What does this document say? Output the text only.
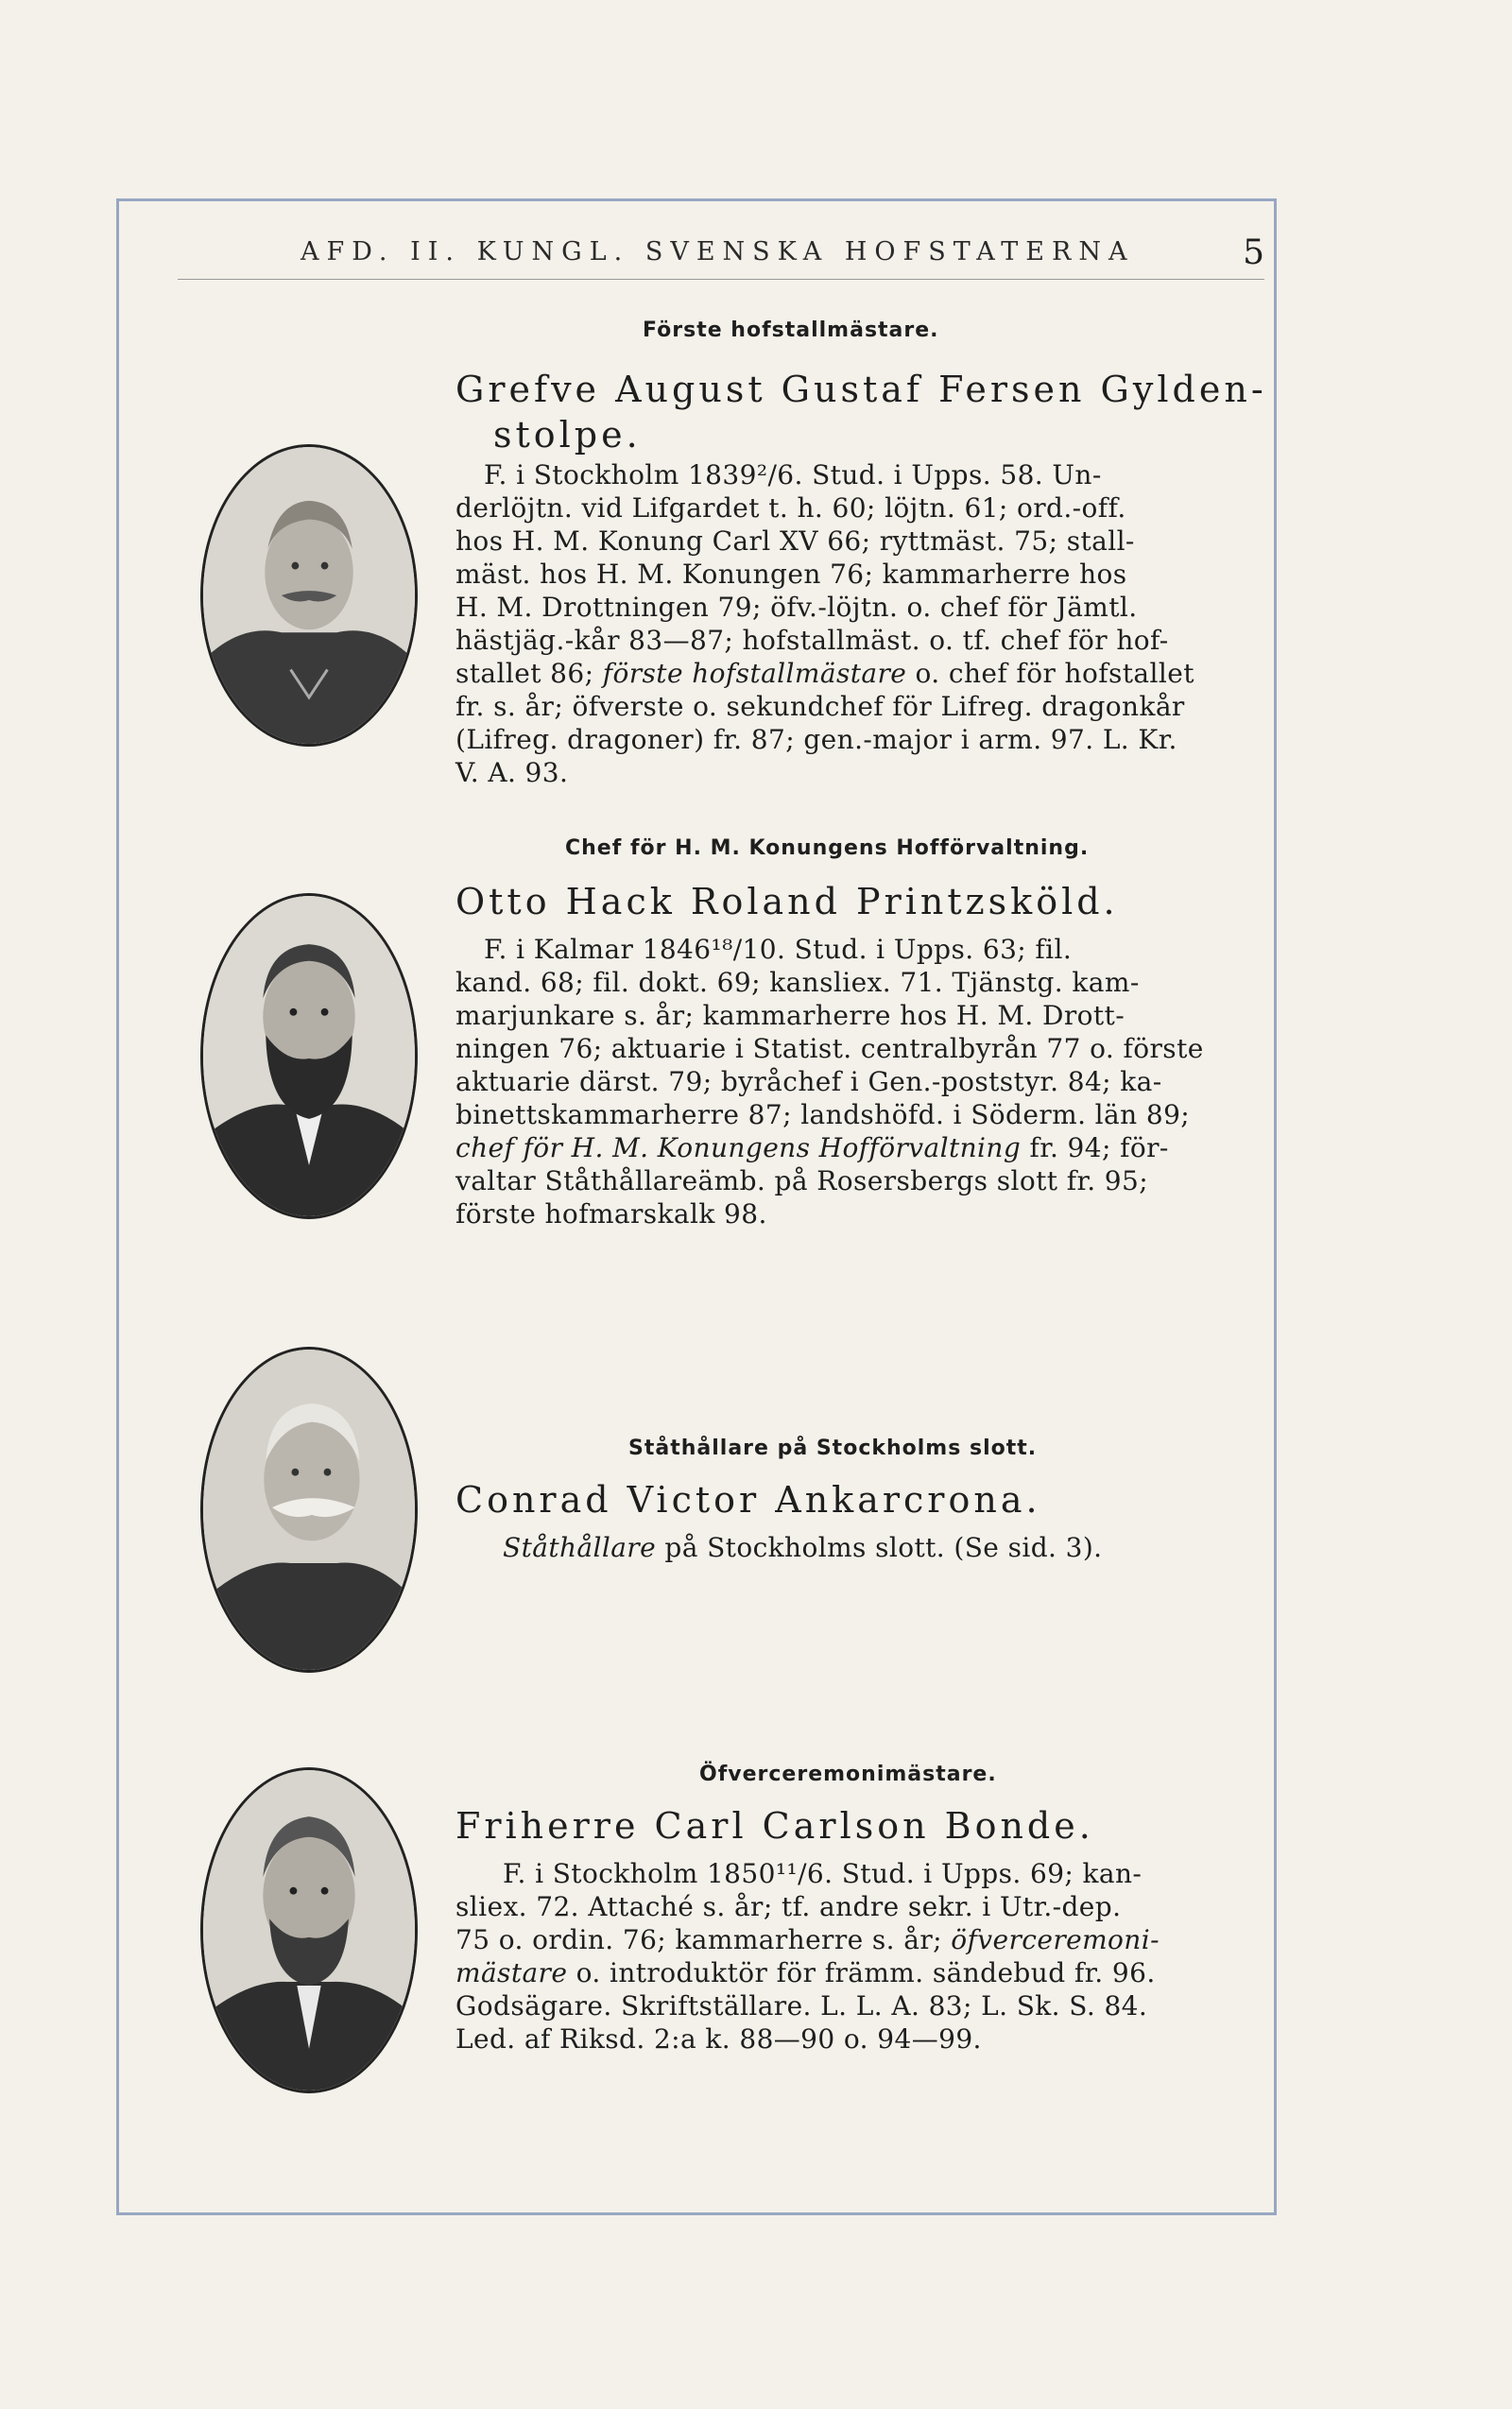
AFD. II. KUNGL. SVENSKA HOFSTATERNA	5
Förste hofstallmästare.
Grefve August Gustaf Fersen Gylden-
stolpe.
F. i Stockholm 1839²/6. Stud. i Upps. 58. Un-
derlöjtn. vid Lifgardet t. h. 60; löjtn. 61; ord.-off.
hos H. M. Konung Carl XV 66; ryttmäst. 75; stall-
mäst. hos H. M. Konungen 76; kammarherre hos
H. M. Drottningen 79; öfv.-löjtn. o. chef för Jämtl.
hästjäg.-kår 83—87; hofstallmäst. o. tf. chef för hof-
stallet 86; förste hofstallmästare o. chef för hofstallet
fr. s. år; öfverste o. sekundchef för Lifreg. dragonkår
(Lifreg. dragoner) fr. 87; gen.-major i arm. 97. L. Kr.
V. A. 93.
Chef för H. M. Konungens Hofförvaltning.
Otto Hack Roland Printzsköld.
F. i Kalmar 1846¹⁸/10. Stud. i Upps. 63; fil.
kand. 68; fil. dokt. 69; kansliex. 71. Tjänstg. kam-
marjunkare s. år; kammarherre hos H. M. Drott-
ningen 76; aktuarie i Statist. centralbyrån 77 o. förste
aktuarie därst. 79; byråchef i Gen.-poststyr. 84; ka-
binettskammarherre 87; landshöfd. i Söderm. län 89;
chef för H. M. Konungens Hofförvaltning fr. 94; för-
valtar Ståthållareämb. på Rosersbergs slott fr. 95;
förste hofmarskalk 98.
Ståthållare på Stockholms slott.
Conrad Victor Ankarcrona.
Ståthållare på Stockholms slott. (Se sid. 3).
Öfverceremonimästare.
Friherre Carl Carlson Bonde.
F. i Stockholm 1850¹¹/6. Stud. i Upps. 69; kan-
sliex. 72. Attaché s. år; tf. andre sekr. i Utr.-dep.
75 o. ordin. 76; kammarherre s. år; öfverceremoni-
mästare o. introduktör för främm. sändebud fr. 96.
Godsägare. Skriftställare. L. L. A. 83; L. Sk. S. 84.
Led. af Riksd. 2:a k. 88—90 o. 94—99.
